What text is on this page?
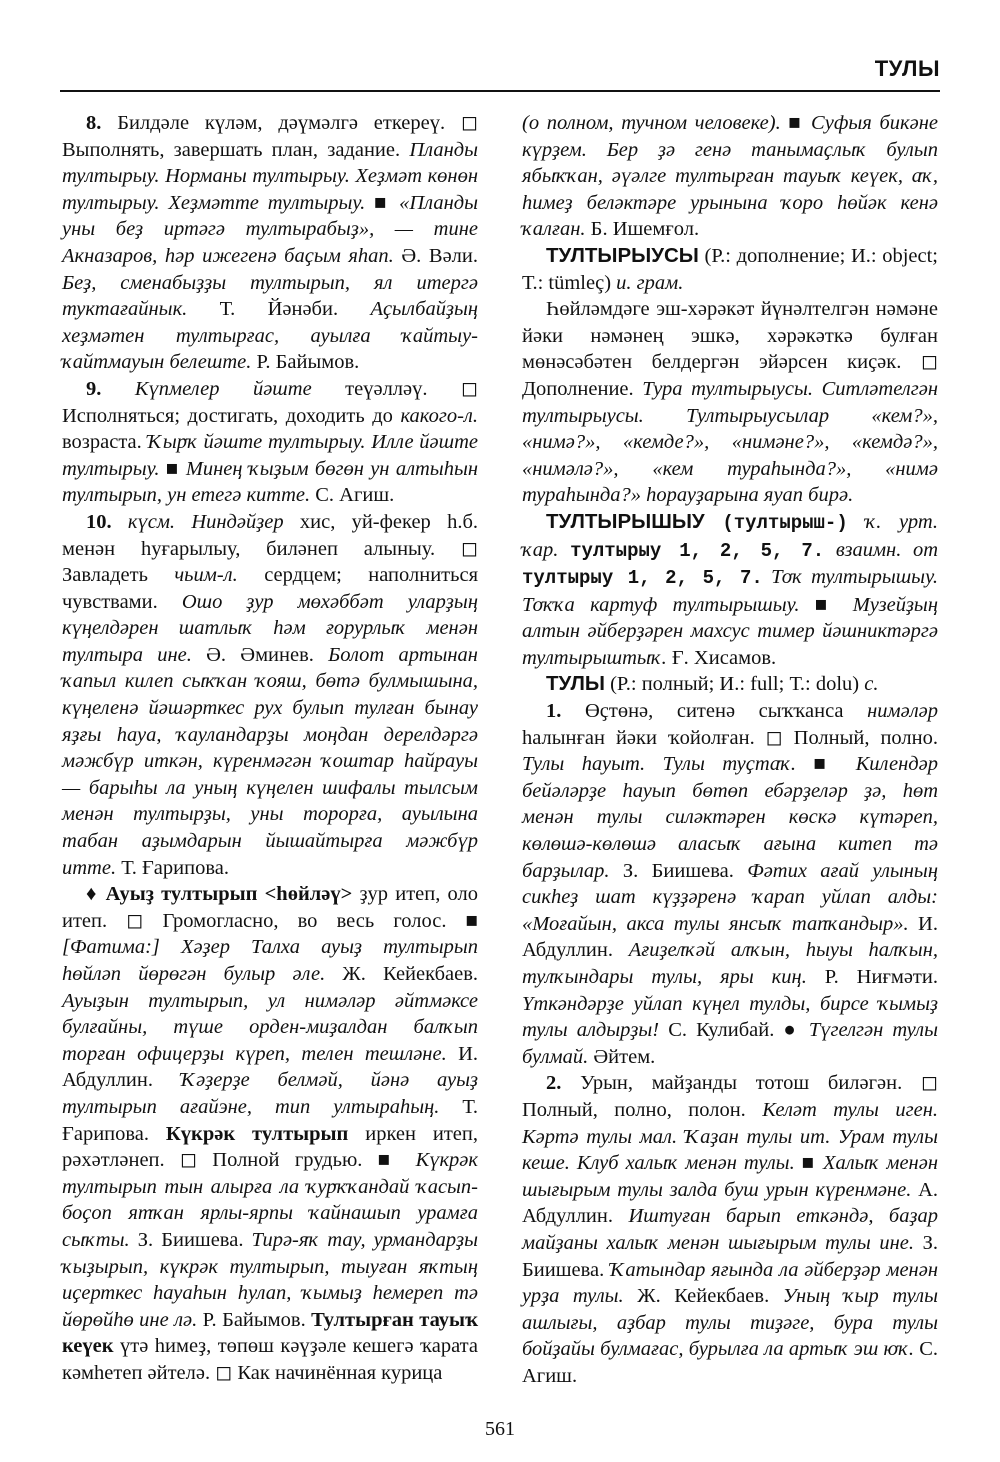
ТУЛЫ

8. Билдәле күләм, дәүмәлгә еткереү. ◻ Выполнять, завершать план, задание. Планды тултырыу. Норманы тултырыу. Хеҙмәт көнөн тултырыу. Хеҙмәтте тултырыу. ■ «Планды уны беҙ иртәгә тултырабыҙ», — тине Акназаров, һәр ижегенә баҫым яһап. Ә. Вәли. Беҙ, сменабыҙҙы тултырып, ял итергә туктағайнык. Т. Йәнәби. Аҫылбайҙың хеҙмәтен тултырғас, ауылға ҡайтыу-ҡайтмауын белеште. Р. Байымов.

9. Күпмелер йәште теүәлләү. ◻ Исполняться; достигать, доходить до какого-л. возраста. Ҡырҡ йәште тултырыу. Илле йәште тултырыу. ■ Минең ҡыҙым бөгөн ун алтыһын тултырып, ун етегә китте. С. Агиш.

10. күсм. Ниндәйҙер хис, уй-фекер һ.б. менән һуғарылыу, биләнеп алыныу. ◻ Завладеть чьим-л. сердцем; наполниться чувствами. Ошо ҙур мөхәббәт уларҙың күңелдәрен шатлыҡ һәм ғорурлыҡ менән тултыра ине. Ә. Әминев. Болот артынан ҡапыл килеп сыҡҡан ҡояш, бөтә булмышына, күңеленә йәшәрткес рух булып тулған бынау яҙғы һауа, ҡауландарҙы моңдан дерелдәргә мәжбүр иткән, күренмәгән ҡоштар һайрауы — барыһы ла уның күңелен шифалы тылсым менән тултырҙы, уны торорға, ауылына табан аҙымдарын йышайтырға мәжбүр итте. Т. Ғарипова.

♦ Ауыҙ тултырып <һөйләү> ҙур итеп, оло итеп. ◻ Громогласно, во весь голос. ■ [Фатима:] Хәҙер Талха ауыҙ тултырып һөйләп йөрөгән булыр әле. Ж. Кейекбаев. Ауыҙын тултырып, ул нимәләр әйтмәксе булғайны, түше орден-миҙалдан балҡып торған офицерҙы күреп, телен тешләне. И. Абдуллин. Ҡәҙерҙе белмәй, йәнә ауыҙ тултырып ағайэне, тип ултыраһың. Т. Ғарипова. Күкрәк тултырып иркен итеп, рәхәтләнеп. ◻ Полной грудью. ■ Күкрәк тултырып тын алырға ла ҡурҡҡандай ҡасып-боҫоп ятҡан ярлы-ярпы ҡайнашып урамға сыҡты. З. Биишева. Тирә-яҡ тау, урмандарҙы ҡыҙырып, күкрәк тултырып, тыуған яҡтың иҫерткес һауаһын һулап, ҡымыҙ һемереп тә йөрөйһө ине лә. Р. Байымов. Тултырған тауыҡ кеүек үтә һимеҙ, төпөш кәүҙәле кешегә ҡарата кәмһетеп әйтелә. ◻ Как начинённая курица

(о полном, тучном человеке). ■ Суфыя бикәне күрҙем. Бер ҙә генә танымаҫлыҡ булып ябыҡҡан, әүәлге тултырған тауыҡ кеүек, аҡ, һимеҙ беләктәре урынына ҡоро һөйәк кенә ҡалған. Б. Ишемғол.

ТУЛТЫРЫУСЫ (Р.: дополнение; И.: object; Т.: tümleç) и. грам.

Һөйләмдәге эш-хәрәкәт йүнәлтелгән нәмәне йәки нәмәнең эшкә, хәрәкәткә булған мөнәсәбәтен белдергән эйәрсен киҫәк. ◻ Дополнение. Тура тултырыусы. Ситләтелгән тултырыусы. Тултырыусылар «кем?», «нимә?», «кемде?», «нимәне?», «кемдә?», «нимәлә?», «кем тураһында?», «нимә тураһында?» һорауҙарына яуап бирә.

ТУЛТЫРЫШЫУ (тултырыш-) ҡ. урт. ҡар. тултырыу 1, 2, 5, 7. взаимн. от тултырыу 1, 2, 5, 7. Тоҡ тултырышыу. Тоҡҡа картуф тултырышыу. ■ Музейҙың алтын әйберҙәрен махсус тимер йәшниктәргә тултырыштыҡ. Ғ. Хисамов.

ТУЛЫ (Р.: полный; И.: full; Т.: dolu) с.

1. Өҫтөнә, ситенә сыҡҡанса нимәләр һалынған йәки ҡойолған. ◻ Полный, полно. Тулы һауыт. Тулы туҫтаҡ. ■ Килендәр бейәләрҙе һауып бөтөп ебәрҙеләр ҙә, һөт менән тулы силәктәрен көскә күтәреп, көлөшә-көлөшә аласыҡ ағына китеп тә барҙылар. З. Биишева. Фәтих ағай улының сикһеҙ шат күҙҙәренә ҡарап уйлап алды: «Моғайын, акса тулы янсыҡ тапҡандыр». И. Абдуллин. Ағиҙелҡәй алҡын, һыуы һалҡын, тулҡындары тулы, яры киң. Р. Ниғмәти. Үткәндәрҙе уйлап күңел тулды, бирсе ҡымыҙ тулы алдырҙы! С. Кулибай. ● Түгелгән тулы булмай. Әйтем.

2. Урын, майҙанды тотош биләгән. ◻ Полный, полно, полон. Келәт тулы иген. Кәртә тулы мал. Ҡаҙан тулы ит. Урам тулы кеше. Клуб халыҡ менән тулы. ■ Халыҡ менән шығырым тулы залда буш урын күренмәне. А. Абдуллин. Иштуған барып еткәндә, баҙар майҙаны халыҡ менән шығырым тулы ине. З. Биишева. Ҡатындар яғында ла әйберҙәр менән урҙа тулы. Ж. Кейекбаев. Уның ҡыр тулы ашлығы, аҙбар тулы тиҙәге, бура тулы бойҙайы булмағас, бурылға ла артыҡ эш юҡ. С. Агиш.

561
